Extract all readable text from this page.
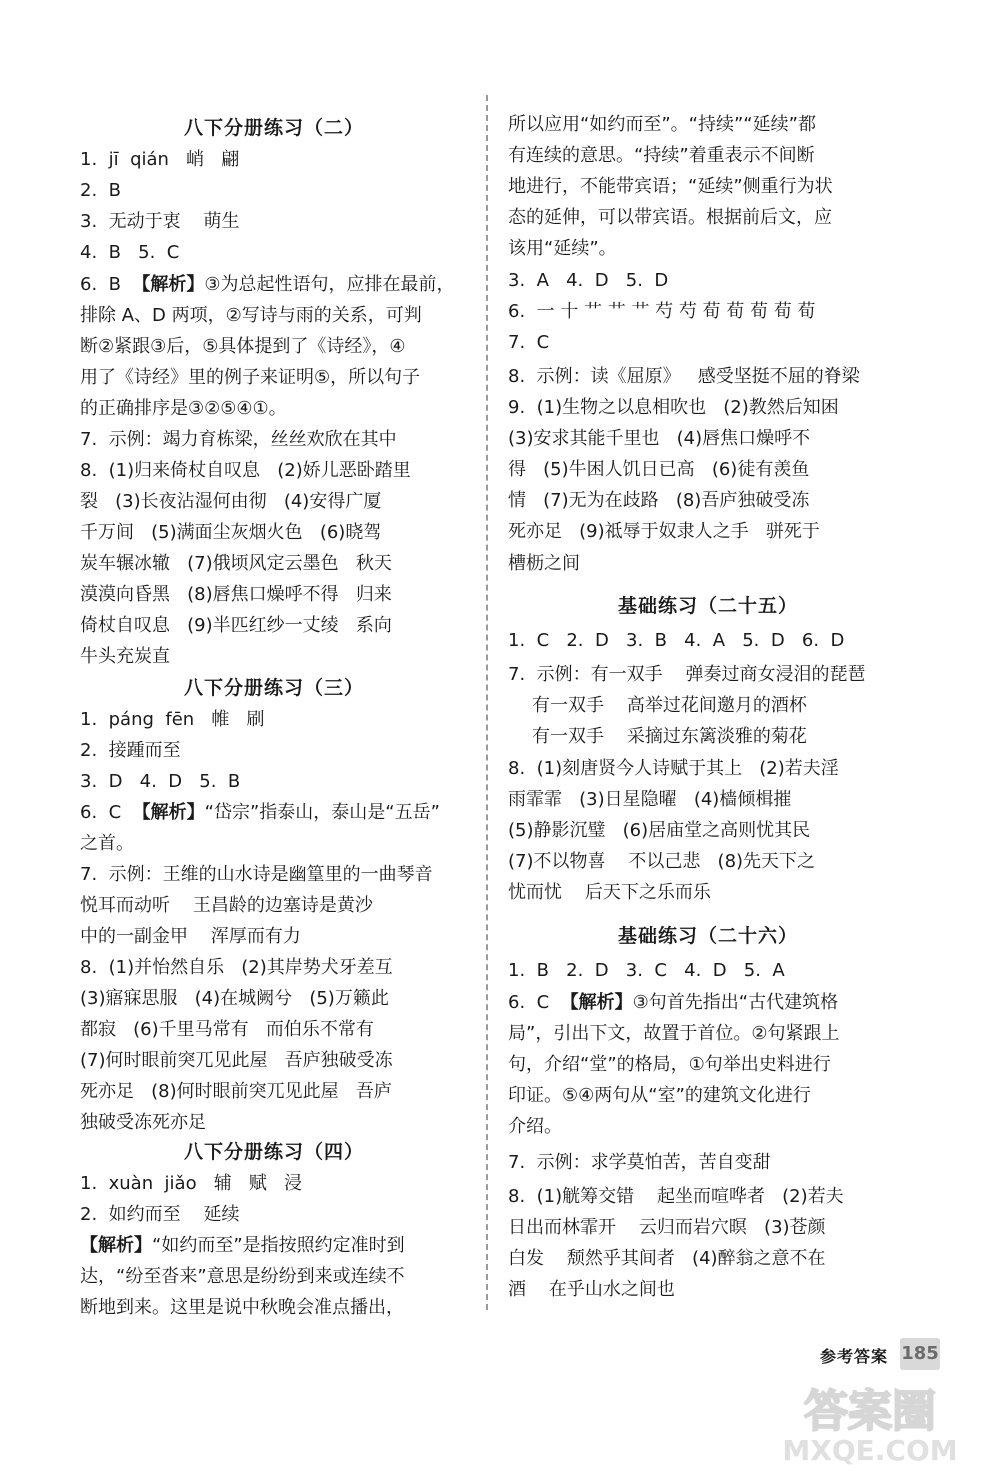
八下分册练习（二）
1.  jī  qián   峭   翩
2.  B
3.  无动于衷    萌生
4.  B   5.  C
6.  B  【解析】③为总起性语句，应排在最前，
排除 A、D 两项，②写诗与雨的关系，可判
断②紧跟③后，⑤具体提到了《诗经》，④
用了《诗经》里的例子来证明⑤，所以句子
的正确排序是③②⑤④①。
7.  示例：竭力育栋梁，丝丝欢欣在其中
8.  (1)归来倚杖自叹息   (2)娇儿恶卧踏里
裂   (3)长夜沾湿何由彻   (4)安得广厦
千万间   (5)满面尘灰烟火色   (6)晓驾
炭车辗冰辙   (7)俄顷风定云墨色   秋天
漠漠向昏黑   (8)唇焦口燥呼不得   归来
倚杖自叹息   (9)半匹红纱一丈绫   系向
牛头充炭直
八下分册练习（三）
1.  páng  fēn   帷   刷
2.  接踵而至
3.  D   4.  D   5.  B
6.  C  【解析】“岱宗”指泰山，泰山是“五岳”
之首。
7.  示例：王维的山水诗是幽篁里的一曲琴音
悦耳而动听    王昌龄的边塞诗是黄沙
中的一副金甲    浑厚而有力
8.  (1)并怡然自乐   (2)其岸势犬牙差互
(3)寤寐思服   (4)在城阙兮   (5)万籁此
都寂   (6)千里马常有   而伯乐不常有
(7)何时眼前突兀见此屋   吾庐独破受冻
死亦足   (8)何时眼前突兀见此屋   吾庐
独破受冻死亦足
八下分册练习（四）
1.  xuàn  jiǎo   辅   赋   浸
2.  如约而至    延续
【解析】“如约而至”是指按照约定准时到
达，“纷至沓来”意思是纷纷到来或连续不
断地到来。这里是说中秋晚会准点播出，
所以应用“如约而至”。“持续”“延续”都
有连续的意思。“持续”着重表示不间断
地进行，不能带宾语；“延续”侧重行为状
态的延伸，可以带宾语。根据前后文，应
该用“延续”。
3.  A   4.  D   5.  D
6.  一 十 艹 艹 艹 芍 芍 荀 荀 荀 荀 荀
7.  C
8.  示例：读《屈原》   感受坚挺不屈的脊梁
9.  (1)生物之以息相吹也   (2)教然后知困
(3)安求其能千里也   (4)唇焦口燥呼不
得   (5)牛困人饥日已高   (6)徒有羡鱼
情   (7)无为在歧路   (8)吾庐独破受冻
死亦足   (9)祗辱于奴隶人之手   骈死于
槽枥之间
基础练习（二十五）
1.  C   2.  D   3.  B   4.  A   5.  D   6.  D
7.  示例：有一双手    弹奏过商女浸泪的琵琶
有一双手    高举过花间邀月的酒杯
有一双手    采摘过东篱淡雅的菊花
8.  (1)刻唐贤今人诗赋于其上   (2)若夫淫
雨霏霏   (3)日星隐曜   (4)樯倾楫摧
(5)静影沉璧   (6)居庙堂之高则忧其民
(7)不以物喜    不以己悲   (8)先天下之
忧而忧    后天下之乐而乐
基础练习（二十六）
1.  B   2.  D   3.  C   4.  D   5.  A
6.  C  【解析】③句首先指出“古代建筑格
局”，引出下文，故置于首位。②句紧跟上
句，介绍“堂”的格局，①句举出史料进行
印证。⑤④两句从“室”的建筑文化进行
介绍。
7.  示例：求学莫怕苦，苦自变甜
8.  (1)觥筹交错    起坐而喧哗者   (2)若夫
日出而林霏开    云归而岩穴暝   (3)苍颜
白发    颓然乎其间者   (4)醉翁之意不在
酒    在乎山水之间也
参考答案 185
答案圈
MXQE.COM
